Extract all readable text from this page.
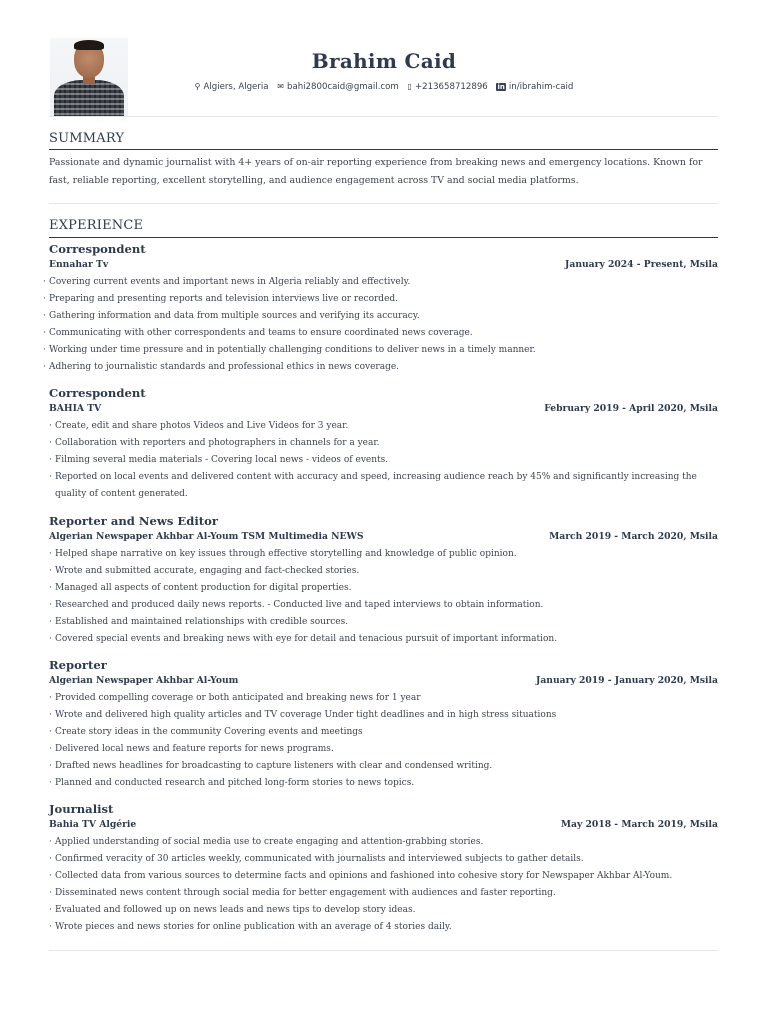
Brahim Caid
⚲ Algiers, Algeria ✉ bahi2800caid@gmail.com ▯ +213658712896 in in/ibrahim-caid
SUMMARY
Passionate and dynamic journalist with 4+ years of on-air reporting experience from breaking news and emergency locations. Known for fast, reliable reporting, excellent storytelling, and audience engagement across TV and social media platforms.
EXPERIENCE
Correspondent
Ennahar Tv	January 2024 - Present, Msila
· Covering current events and important news in Algeria reliably and effectively.
· Preparing and presenting reports and television interviews live or recorded.
· Gathering information and data from multiple sources and verifying its accuracy.
· Communicating with other correspondents and teams to ensure coordinated news coverage.
· Working under time pressure and in potentially challenging conditions to deliver news in a timely manner.
· Adhering to journalistic standards and professional ethics in news coverage.
Correspondent
BAHIA TV	February 2019 - April 2020, Msila
· Create, edit and share photos Videos and Live Videos for 3 year.
· Collaboration with reporters and photographers in channels for a year.
· Filming several media materials - Covering local news - videos of events.
· Reported on local events and delivered content with accuracy and speed, increasing audience reach by 45% and significantly increasing the quality of content generated.
Reporter and News Editor
Algerian Newspaper Akhbar Al-Youm TSM Multimedia NEWS	March 2019 - March 2020, Msila
· Helped shape narrative on key issues through effective storytelling and knowledge of public opinion.
· Wrote and submitted accurate, engaging and fact-checked stories.
· Managed all aspects of content production for digital properties.
· Researched and produced daily news reports. - Conducted live and taped interviews to obtain information.
· Established and maintained relationships with credible sources.
· Covered special events and breaking news with eye for detail and tenacious pursuit of important information.
Reporter
Algerian Newspaper Akhbar Al-Youm	January 2019 - January 2020, Msila
· Provided compelling coverage or both anticipated and breaking news for 1 year
· Wrote and delivered high quality articles and TV coverage Under tight deadlines and in high stress situations
· Create story ideas in the community Covering events and meetings
· Delivered local news and feature reports for news programs.
· Drafted news headlines for broadcasting to capture listeners with clear and condensed writing.
· Planned and conducted research and pitched long-form stories to news topics.
Journalist
Bahia TV Algérie	May 2018 - March 2019, Msila
· Applied understanding of social media use to create engaging and attention-grabbing stories.
· Confirmed veracity of 30 articles weekly, communicated with journalists and interviewed subjects to gather details.
· Collected data from various sources to determine facts and opinions and fashioned into cohesive story for Newspaper Akhbar Al-Youm.
· Disseminated news content through social media for better engagement with audiences and faster reporting.
· Evaluated and followed up on news leads and news tips to develop story ideas.
· Wrote pieces and news stories for online publication with an average of 4 stories daily.
